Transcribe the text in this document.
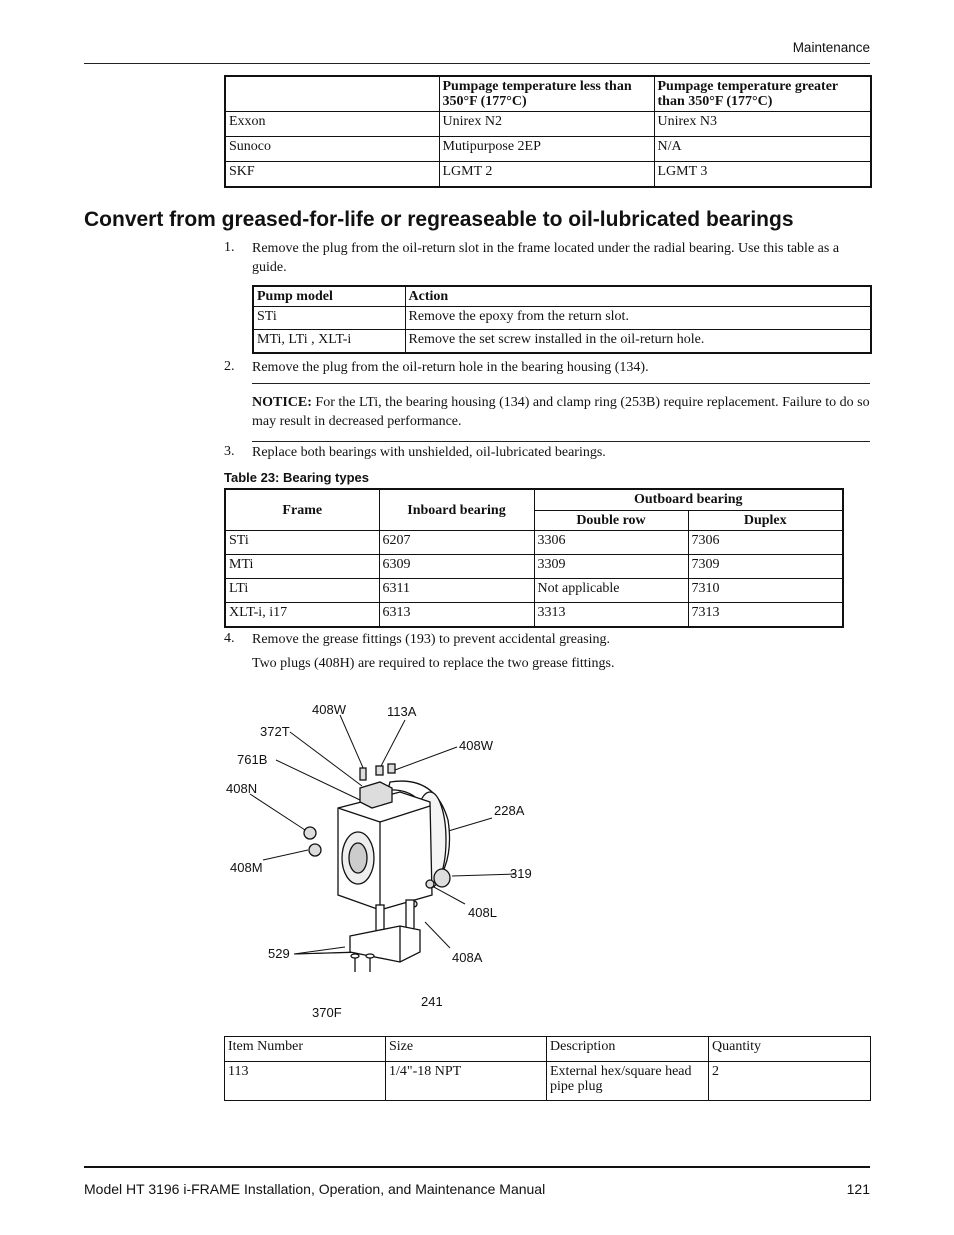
Maintenance
	Pumpage temperature less than 350°F (177°C)	Pumpage temperature greater than 350°F (177°C)
Exxon	Unirex N2	Unirex N3
Sunoco	Mutipurpose 2EP	N/A
SKF	LGMT 2	LGMT 3
Convert from greased-for-life or regreaseable to oil-lubricated bearings
1. Remove the plug from the oil-return slot in the frame located under the radial bearing. Use this table as a guide.
Pump model	Action
STi	Remove the epoxy from the return slot.
MTi, LTi , XLT-i	Remove the set screw installed in the oil-return hole.
2. Remove the plug from the oil-return hole in the bearing housing (134).
NOTICE: For the LTi, the bearing housing (134) and clamp ring (253B) require replacement. Failure to do so may result in decreased performance.
3. Replace both bearings with unshielded, oil-lubricated bearings.
Table 23: Bearing types
Frame	Inboard bearing	Outboard bearing	
		Double row	Duplex
STi	6207	3306	7306
MTi	6309	3309	7309
LTi	6311	Not applicable	7310
XLT-i, i17	6313	3313	7313
4. Remove the grease fittings (193) to prevent accidental greasing.
Two plugs (408H) are required to replace the two grease fittings.
408W	113A
372T
408W
761B
408N
228A
408M	319
408L
529	408A
241
370F
Item Number	Size	Description	Quantity
113	1/4"-18 NPT	External hex/square head pipe plug	2
Model HT 3196 i-FRAME Installation, Operation, and Maintenance Manual	121
